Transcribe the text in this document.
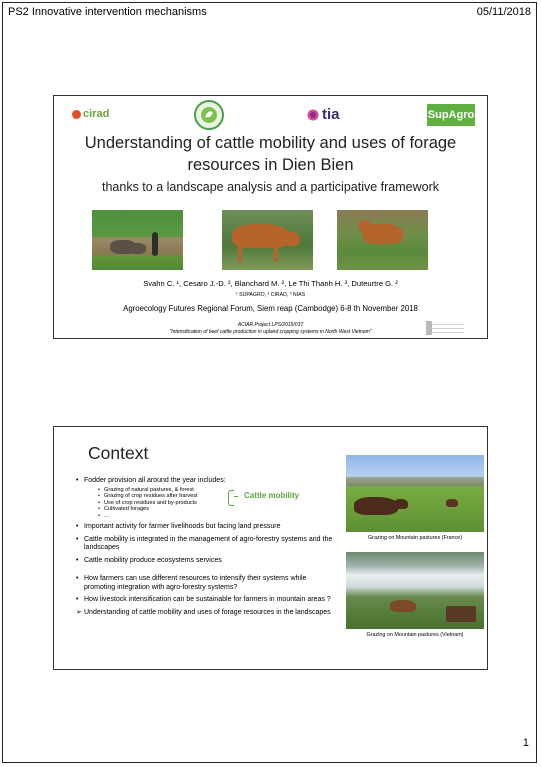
PS2 Innovative intervention mechanisms	05/11/2018
cirad	tia	SupAgro
Understanding of cattle mobility and uses of forage resources in Dien Bien
thanks to a landscape analysis and a participative framework
Svahn C. ¹, Cesaro J.-D. ², Blanchard M. ², Le Thi Thanh H. ³, Duteurtre G. ²
¹ SUPAGRO, ² CIRAD, ³ NIAS
Agroecology Futures Regional Forum, Siem reap (Cambodge) 6-8 th November 2018
ACIAR Project LPS/2015/037
"Intensification of beef cattle production in upland cropping systems in North West Vietnam"
Context
• Fodder provision all around the year includes:
• Grazing of natural pastures, & forest
• Grazing of crop residues after harvest
• Use of crop residues and by-products
• Cultivated forages
• …
• Important activity for farmer livelihoods but facing land pressure
• Cattle mobility is integrated in the management of agro-forestry systems and the landscapes
• Cattle mobility produce ecosystems services
• How farmers can use different resources to intensify their systems while promoting integration with agro-forestry systems?
• How livestock intensification can be sustainable for farmers in mountain areas ?
➢ Understanding of cattle mobility and uses of forage resources in the landscapes
Cattle mobility
Grazing on Mountain pastures (France)
Grazing on Mountain pastures (Vietnam)
1
